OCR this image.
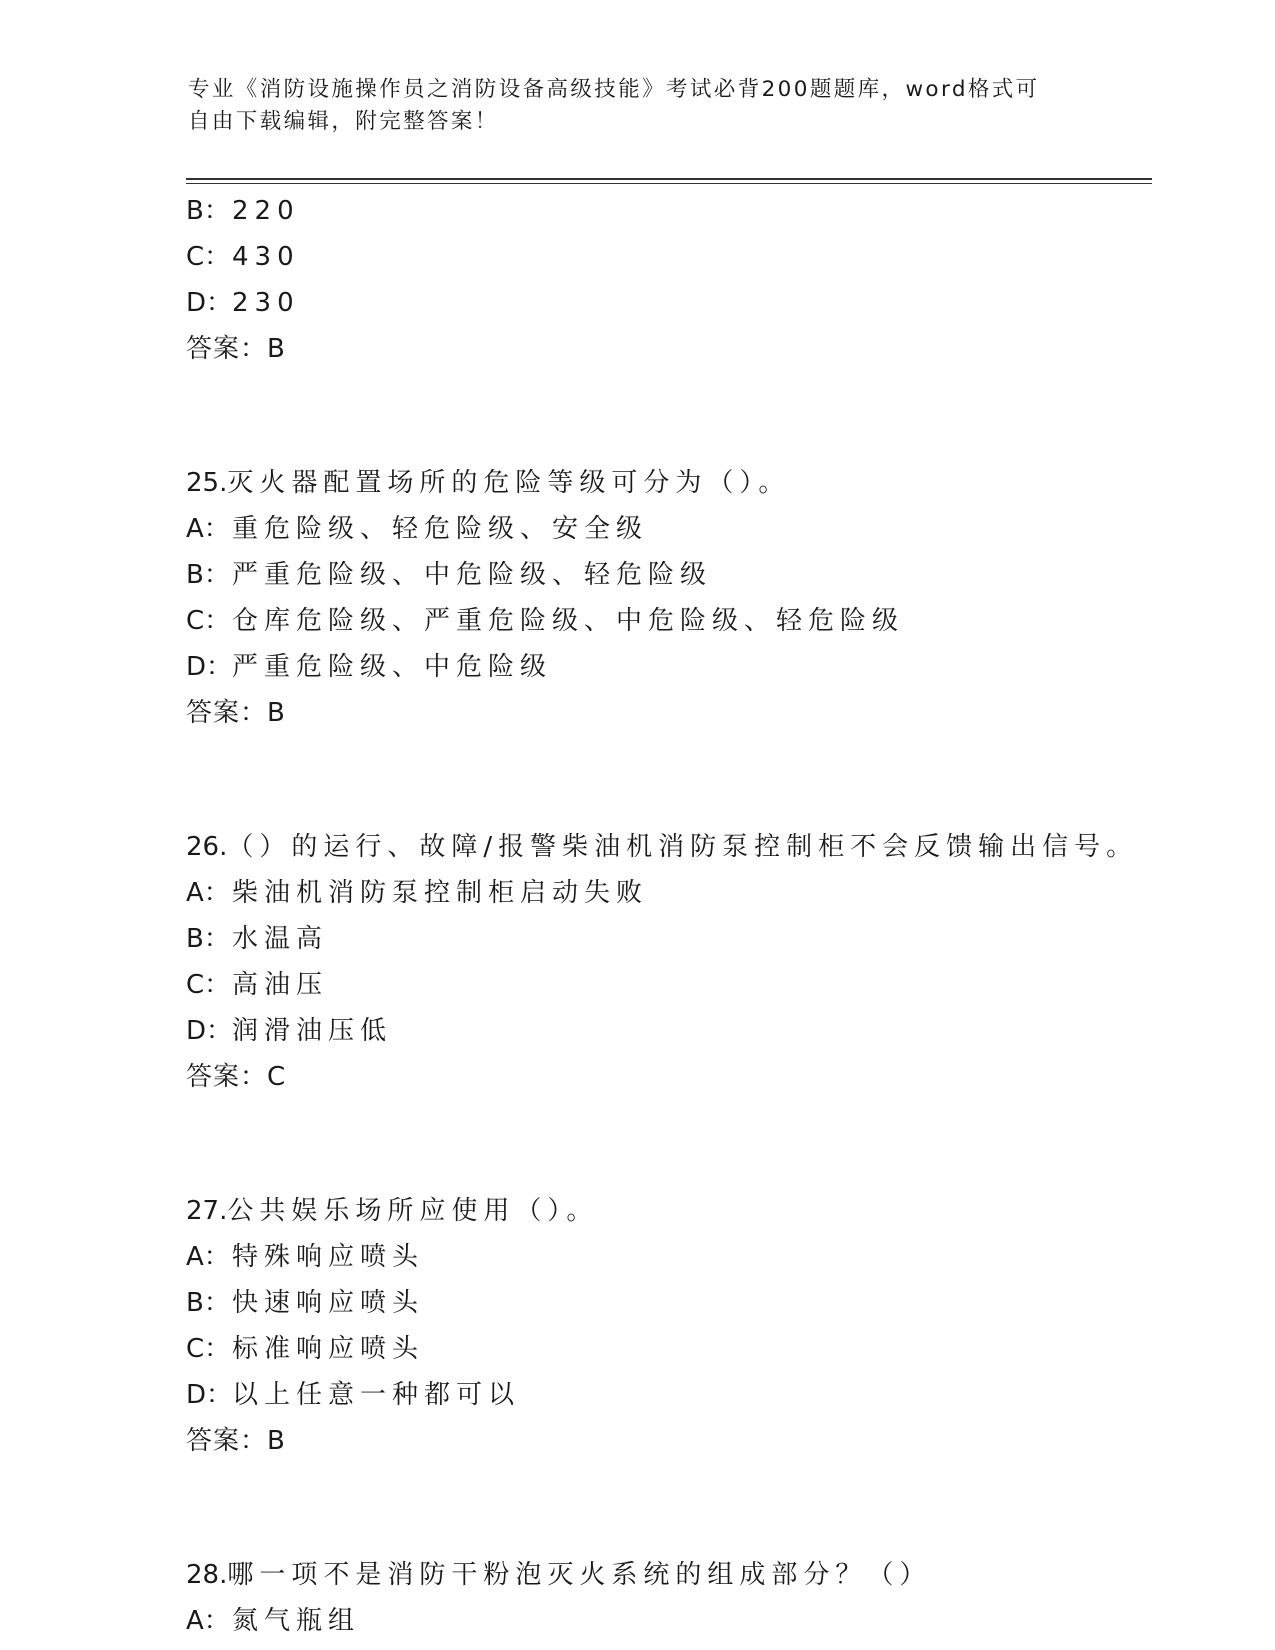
专业《消防设施操作员之消防设备高级技能》考试必背200题题库，word格式可
自由下载编辑，附完整答案！
B：220
C：430
D：230
答案：B
25.灭火器配置场所的危险等级可分为（）。
A：重危险级、轻危险级、安全级
B：严重危险级、中危险级、轻危险级
C：仓库危险级、严重危险级、中危险级、轻危险级
D：严重危险级、中危险级
答案：B
26.（）的运行、故障/报警柴油机消防泵控制柜不会反馈输出信号。
A：柴油机消防泵控制柜启动失败
B：水温高
C：高油压
D：润滑油压低
答案：C
27.公共娱乐场所应使用（）。
A：特殊响应喷头
B：快速响应喷头
C：标准响应喷头
D：以上任意一种都可以
答案：B
28.哪一项不是消防干粉泡灭火系统的组成部分？（）
A：氮气瓶组
